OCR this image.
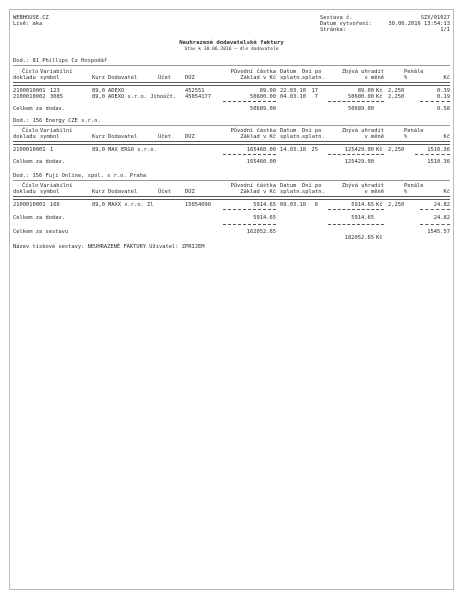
WEBHOUSE.CZ
Lívě: aka
Sestava č.	SZX/01027
Datum vytvoření:	30.06.2016 13:54:13
Stránka:	1/1
Neuhrazené dodavatelské faktury
Stav k 30.06.2016 – dle dodavatele
Dod.: 81 Phillips Cz Hospodář
Číslo Variabilní	Původní částka Datum Dní po	Zbývá uhradit	Penále
dokladu symbol	Kurz Dodavatel	Účet	DÚZ	Základ v Kč splatn. splatn.	v měně	%	Kč
2100010001 123	89,0 ADEXO	452551	89.00 22.03.10	17	89.00 Kč 2,250	0.39
2100010002 3085	89,0 ADEXO s.r.o. Jihoúčt. 45054177	50600.00 04.03.10	7	50600.00 Kč 2,250	0.19
Celkem za dodav.	50689.00	50689.00	0.58
Dod.: 156 Energy CZE s.r.o.
Číslo Variabilní	Původní částka Datum Dní po	Zbývá uhradit	Penále
dokladu symbol	Kurz Dodavatel	Účet	DÚZ	Základ v Kč splatn. splatn.	v měně	%	Kč
2100010001 1	89,0 MAX ERGO s.r.o.	165460.00 14.03.10	25	125429.00 Kč 2,250	1510.36
Celkem za dodav.	165460.00	125429.00	1510.36
Dod.: 156 Fuji Online, spol. s r.o. Praha
Číslo Variabilní	Původní částka Datum Dní po	Zbývá uhradit	Penále
dokladu symbol	Kurz Dodavatel	Účet	DÚZ	Základ v Kč splatn. splatn.	v měně	%	Kč
2100010001 166	89,0 MAXX s.r.o. Zl	15054090	5914.65 09.03.10	6	5914.65 Kč 2,250	24.82
Celkem za dodav.	5914.65	5914.65	24.82
Celkem za sestavu	162052.65	1545.57
182052.65 Kč
Název tiskové sestavy: NEUHRAZENÉ FAKTURY Uživatel: ZPRIJEM
